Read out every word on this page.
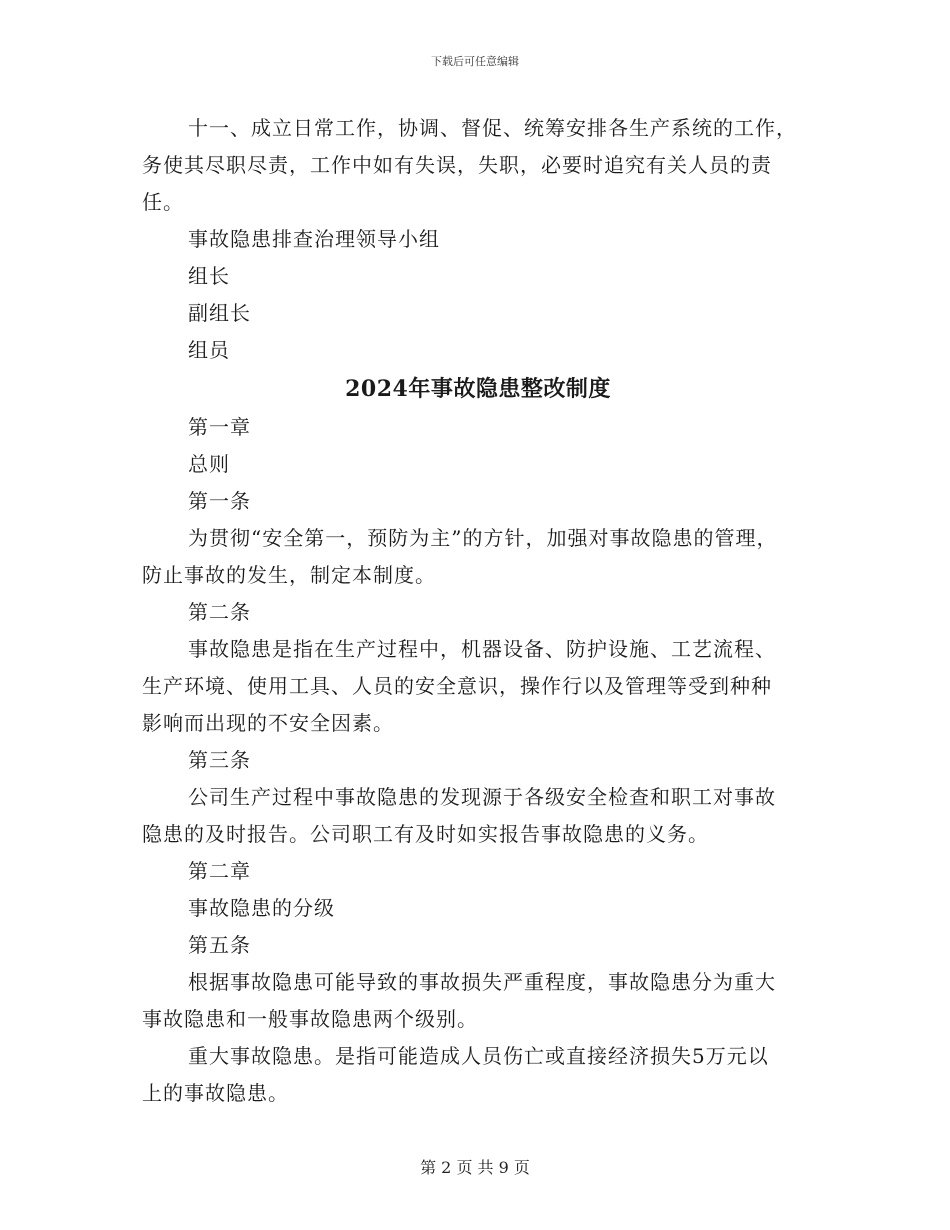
下载后可任意编辑

十一、成立日常工作，协调、督促、统筹安排各生产系统的工作，

务使其尽职尽责，工作中如有失误，失职，必要时追究有关人员的责

任。

事故隐患排查治理领导小组

组长

副组长

组员

2024年事故隐患整改制度

第一章

总则

第一条

为贯彻“安全第一，预防为主”的方针，加强对事故隐患的管理，

防止事故的发生，制定本制度。

第二条

事故隐患是指在生产过程中，机器设备、防护设施、工艺流程、

生产环境、使用工具、人员的安全意识，操作行以及管理等受到种种

影响而出现的不安全因素。

第三条

公司生产过程中事故隐患的发现源于各级安全检查和职工对事故

隐患的及时报告。公司职工有及时如实报告事故隐患的义务。

第二章

事故隐患的分级

第五条

根据事故隐患可能导致的事故损失严重程度，事故隐患分为重大

事故隐患和一般事故隐患两个级别。

重大事故隐患。是指可能造成人员伤亡或直接经济损失5万元以

上的事故隐患。

第 2 页 共 9 页
